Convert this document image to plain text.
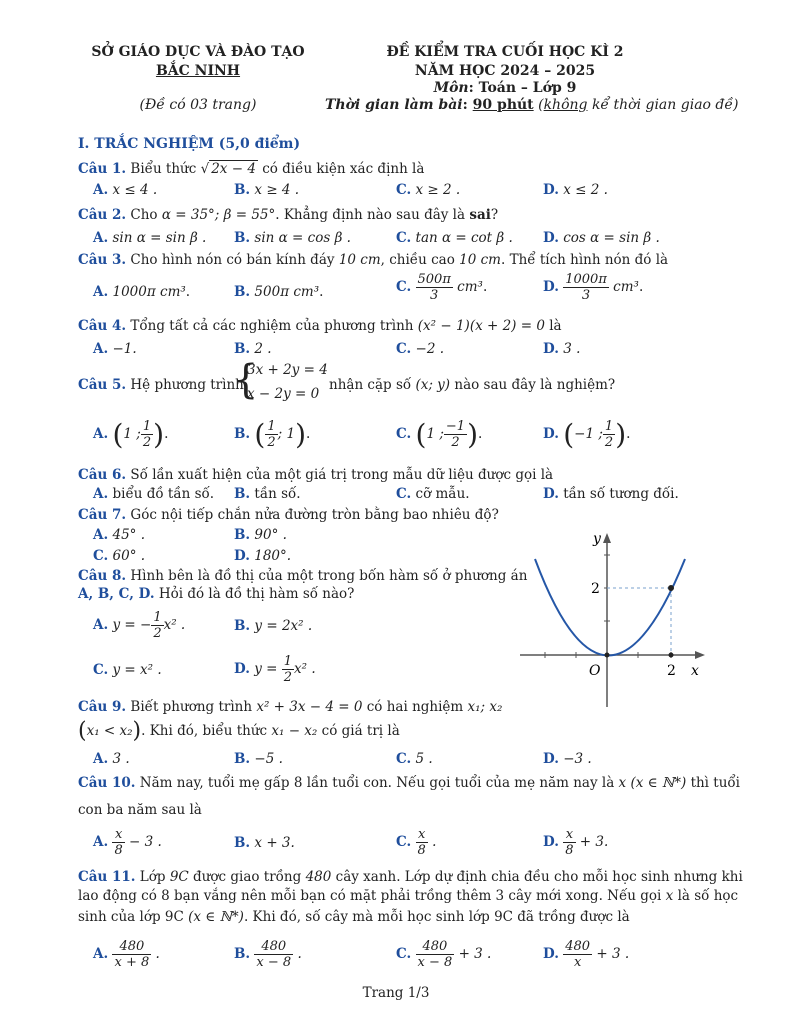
SỞ GIÁO DỤC VÀ ĐÀO TẠO
BẮC NINH
(Đề có 03 trang)
ĐỀ KIỂM TRA CUỐI HỌC KÌ 2
NĂM HỌC 2024 – 2025
Môn: Toán – Lớp 9
Thời gian làm bài: 90 phút (không kể thời gian giao đề)
I. TRẮC NGHIỆM (5,0 điểm)
Câu 1. Biểu thức √ 2x − 4 có điều kiện xác định là
A. x ≤ 4 .	B. x ≥ 4 .	C. x ≥ 2 .	D. x ≤ 2 .
Câu 2. Cho α = 35°; β = 55°. Khẳng định nào sau đây là sai?
A. sin α = sin β . B. sin α = cos β .	C. tan α = cot β . D. cos α = sin β .
Câu 3. Cho hình nón có bán kính đáy 10 cm, chiều cao 10 cm. Thể tích hình nón đó là
A. 1000π cm³.	B. 500π cm³.	C. $\frac{500\pi}{3} cm^3$.	D. $\frac{1000\pi}{3} cm^3$.
Câu 4. Tổng tất cả các nghiệm của phương trình (x² − 1)(x + 2) = 0 là
A. −1.	B. 2 .	C. −2 .	D. 3 .
Câu 5. Hệ phương trình
{
3x + 2y = 4
x − 2y = 0
nhận cặp số (x; y) nào sau đây là nghiệm?
A. (1 ; $\frac{1}{2}$ ).	B. ( $\frac{1}{2}$ ; 1).	C. (1 ; $\frac{-1}{2}$ ).	D. (−1 ; $\frac{1}{2}$ ).
Câu 6. Số lần xuất hiện của một giá trị trong mẫu dữ liệu được gọi là
A. biểu đồ tần số. B. tần số.	C. cỡ mẫu.	D. tần số tương đối.
Câu 7. Góc nội tiếp chắn nửa đường tròn bằng bao nhiêu độ?
A. 45° .	B. 90° .
C. 60° .	D. 180°.
Câu 8. Hình bên là đồ thị của một trong bốn hàm số ở phương án
A, B, C, D. Hỏi đó là đồ thị hàm số nào?
A. y = − $\frac{1}{2} x^2$ .	B. y = 2x² .
C. y = x² .	D. $y = \frac{1}{2} x^2$ .
y
x
O
2
2
Câu 9. Biết phương trình x² + 3x − 4 = 0 có hai nghiệm x₁; x₂
(x₁ < x₂). Khi đó, biểu thức x₁ − x₂ có giá trị là
A. 3 .	B. −5 .	C. 5 .	D. −3 .
Câu 10. Năm nay, tuổi mẹ gấp 8 lần tuổi con. Nếu gọi tuổi của mẹ năm nay là x (x ∈ ℕ*) thì tuổi
con ba năm sau là
A. $\frac{x}{8} - 3$ .	B. x + 3.	C. $\frac{x}{8}$ .	D. $\frac{x}{8} + 3$.
Câu 11. Lớp 9C được giao trồng 480 cây xanh. Lớp dự định chia đều cho mỗi học sinh nhưng khi
lao động có 8 bạn vắng nên mỗi bạn có mặt phải trồng thêm 3 cây mới xong. Nếu gọi x là số học
sinh của lớp 9C (x ∈ ℕ*). Khi đó, số cây mà mỗi học sinh lớp 9C đã trồng được là
A. $\frac{480}{x + 8}$ .	B. $\frac{480}{x - 8}$ .	C. $\frac{480}{x - 8} + 3$ .	D. $\frac{480}{x} + 3$ .
Trang 1/3
